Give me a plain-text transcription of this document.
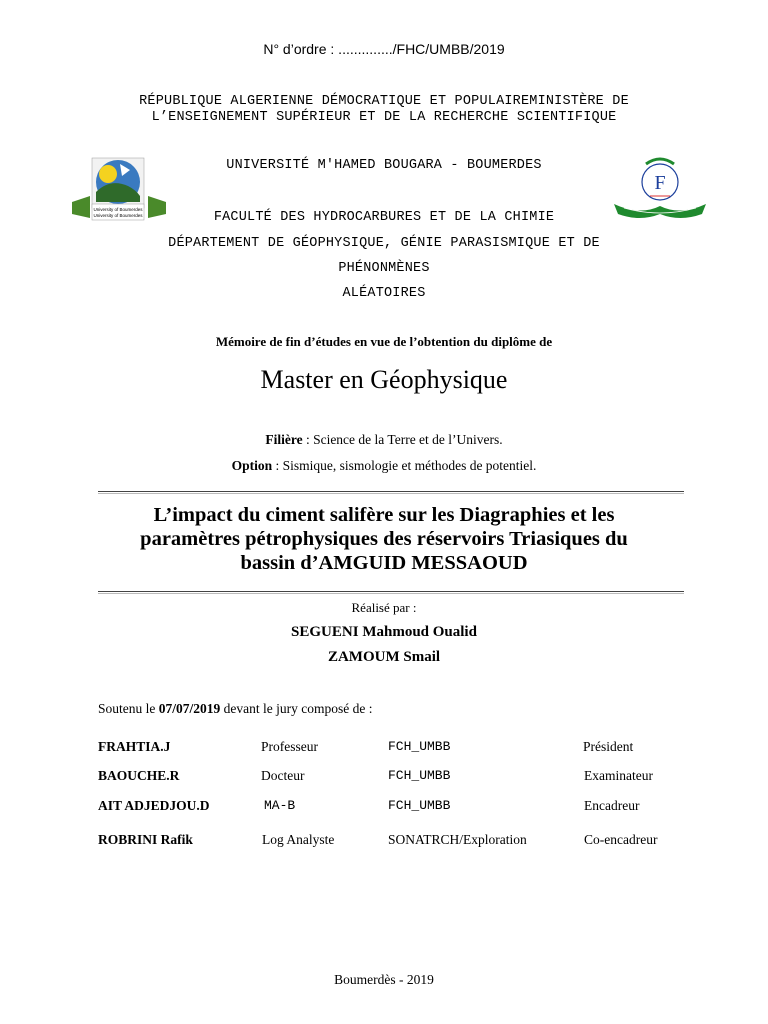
N° d’ordre : ............../FHC/UMBB/2019
RÉPUBLIQUE ALGERIENNE DÉMOCRATIQUE ET POPULAIREMINISTÈRE DE
L’ENSEIGNEMENT SUPÉRIEUR ET DE LA RECHERCHE SCIENTIFIQUE
UNIVERSITÉ M'HAMED BOUGARA - BOUMERDES
University of Boumerdes
University of Boumerdes
F
FACULTÉ DES HYDROCARBURES ET DE LA CHIMIE
DÉPARTEMENT DE GÉOPHYSIQUE, GÉNIE PARASISMIQUE ET DE
PHÉNONMÈNES
ALÉATOIRES
Mémoire de fin d’études en vue de l’obtention du diplôme de
Master en Géophysique
Filière : Science de la Terre et de l’Univers.
Option : Sismique, sismologie et méthodes de potentiel.
L’impact du ciment salifère sur les Diagraphies et les
paramètres pétrophysiques des réservoirs Triasiques du
bassin d’AMGUID MESSAOUD
Réalisé par :
SEGUENI Mahmoud Oualid
ZAMOUM Smail
Soutenu le 07/07/2019 devant le jury composé de :
FRAHTIA.J	Professeur	FCH_UMBB	Président
BAOUCHE.R	Docteur	FCH_UMBB	Examinateur
AIT ADJEDJOU.D	MA-B	FCH_UMBB	Encadreur
ROBRINI Rafik	Log Analyste	SONATRCH/Exploration	Co-encadreur
Boumerdès - 2019
